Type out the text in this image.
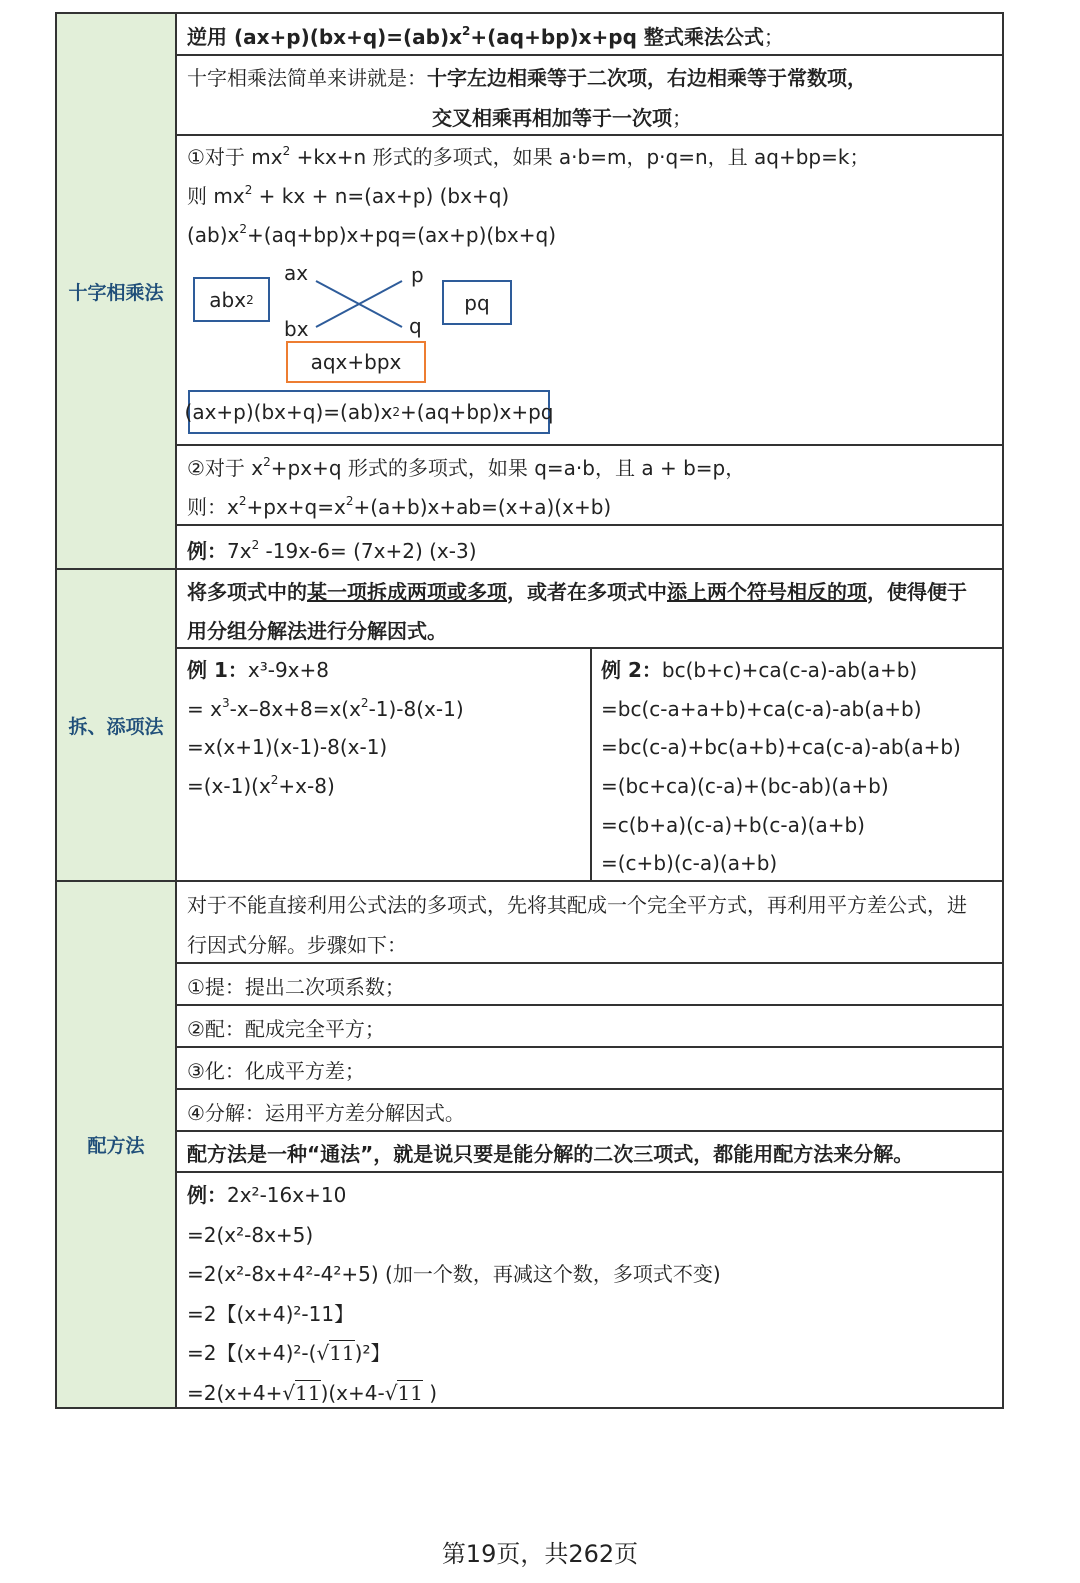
十字相乘法
拆、添项法
配方法
逆用 $(ax+p)(bx+q)=(ab)x^2+(aq+bp)x+pq$ 整式乘法公式；
十字相乘法简单来讲就是：十字左边相乘等于二次项，右边相乘等于常数项，
交叉相乘再相加等于一次项；
①对于 $mx^2 +kx+n$ 形式的多项式，如果 a·b=m，p·q=n，且 aq+bp=k；
则 $mx^2$ + kx + n=(ax+p) (bx+q)
$(ab)x^2+(aq+bp)x+pq=(ax+p)(bx+q)$
abx 2
ax
bx
p
q
pq
aqx+bpx
(ax+p)(bx+q)=(ab)x 2 +(aq+bp)x+pq
②对于 $x^2+px+q$ 形式的多项式，如果 q=a·b，且 a + b=p，
则：$x^2+px+q=x^2+(a+b)x+ab=(x+a)(x+b)$
例：$7x^2$ -19x-6= (7x+2) (x-3)
将多项式中的某一项拆成两项或多项，或者在多项式中添上两个符号相反的项，使得便于
用分组分解法进行分解因式。
例 1：x³-9x+8
= $x^3-x-8x+8=x(x^2-1)-8(x-1)$
=x(x+1)(x-1)-8(x-1)
$=(x-1)(x^2+x-8)$
例 2：bc(b+c)+ca(c-a)-ab(a+b)
=bc(c-a+a+b)+ca(c-a)-ab(a+b)
=bc(c-a)+bc(a+b)+ca(c-a)-ab(a+b)
=(bc+ca)(c-a)+(bc-ab)(a+b)
=c(b+a)(c-a)+b(c-a)(a+b)
=(c+b)(c-a)(a+b)
对于不能直接利用公式法的多项式，先将其配成一个完全平方式，再利用平方差公式，进
行因式分解。步骤如下：
①提：提出二次项系数；
②配：配成完全平方；
③化：化成平方差；
④分解：运用平方差分解因式。
配方法是一种“通法”，就是说只要是能分解的二次三项式，都能用配方法来分解。
例：2x²-16x+10
=2(x²-8x+5)
=2(x²-8x+4²-4²+5) (加一个数，再减这个数，多项式不变)
=2【(x+4)²-11】
=2【(x+4)²-(√11)²】
=2(x+4+√11)(x+4-√11 )
第19页，共262页
